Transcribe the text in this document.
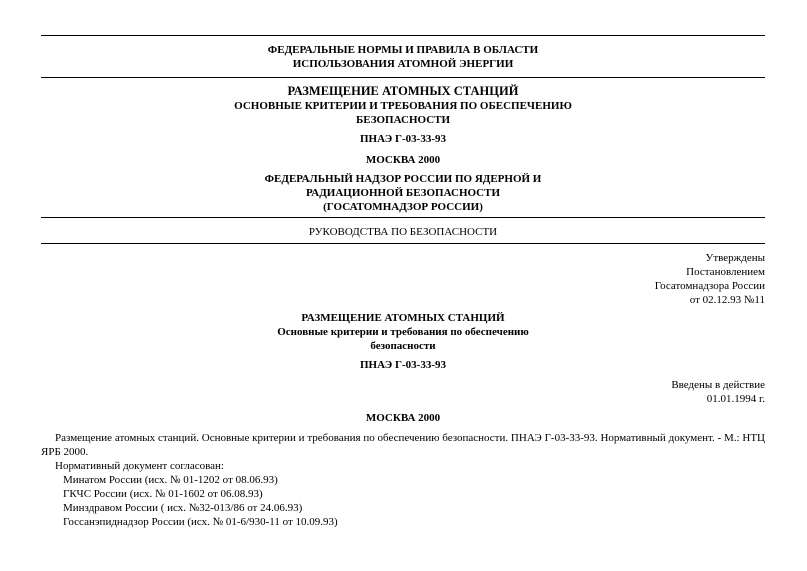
ФЕДЕРАЛЬНЫЕ НОРМЫ И ПРАВИЛА В ОБЛАСТИ
ИСПОЛЬЗОВАНИЯ АТОМНОЙ ЭНЕРГИИ
РАЗМЕЩЕНИЕ АТОМНЫХ СТАНЦИЙ
ОСНОВНЫЕ КРИТЕРИИ И ТРЕБОВАНИЯ ПО ОБЕСПЕЧЕНИЮ
БЕЗОПАСНОСТИ
ПНАЭ Г-03-33-93
МОСКВА 2000
ФЕДЕРАЛЬНЫЙ НАДЗОР РОССИИ ПО ЯДЕРНОЙ И
РАДИАЦИОННОЙ БЕЗОПАСНОСТИ
(ГОСАТОМНАДЗОР РОССИИ)
РУКОВОДСТВА ПО БЕЗОПАСНОСТИ
Утверждены
Постановлением
Госатомнадзора России
от 02.12.93 №11
РАЗМЕЩЕНИЕ АТОМНЫХ СТАНЦИЙ
Основные критерии и требования по обеспечению
безопасности
ПНАЭ Г-03-33-93
Введены в действие
01.01.1994 г.
МОСКВА 2000
Размещение атомных станций. Основные критерии и требования по обеспечению безопасности. ПНАЭ Г-03-33-93. Нормативный документ. - М.: НТЦ ЯРБ 2000.
Нормативный документ согласован:
Минатом России (исх. № 01-1202 от 08.06.93)
ГКЧС России (исх. № 01-1602 от 06.08.93)
Минздравом России ( исх. №32-013/86 от 24.06.93)
Госсанэпиднадзор России (исх. № 01-6/930-11 от 10.09.93)
